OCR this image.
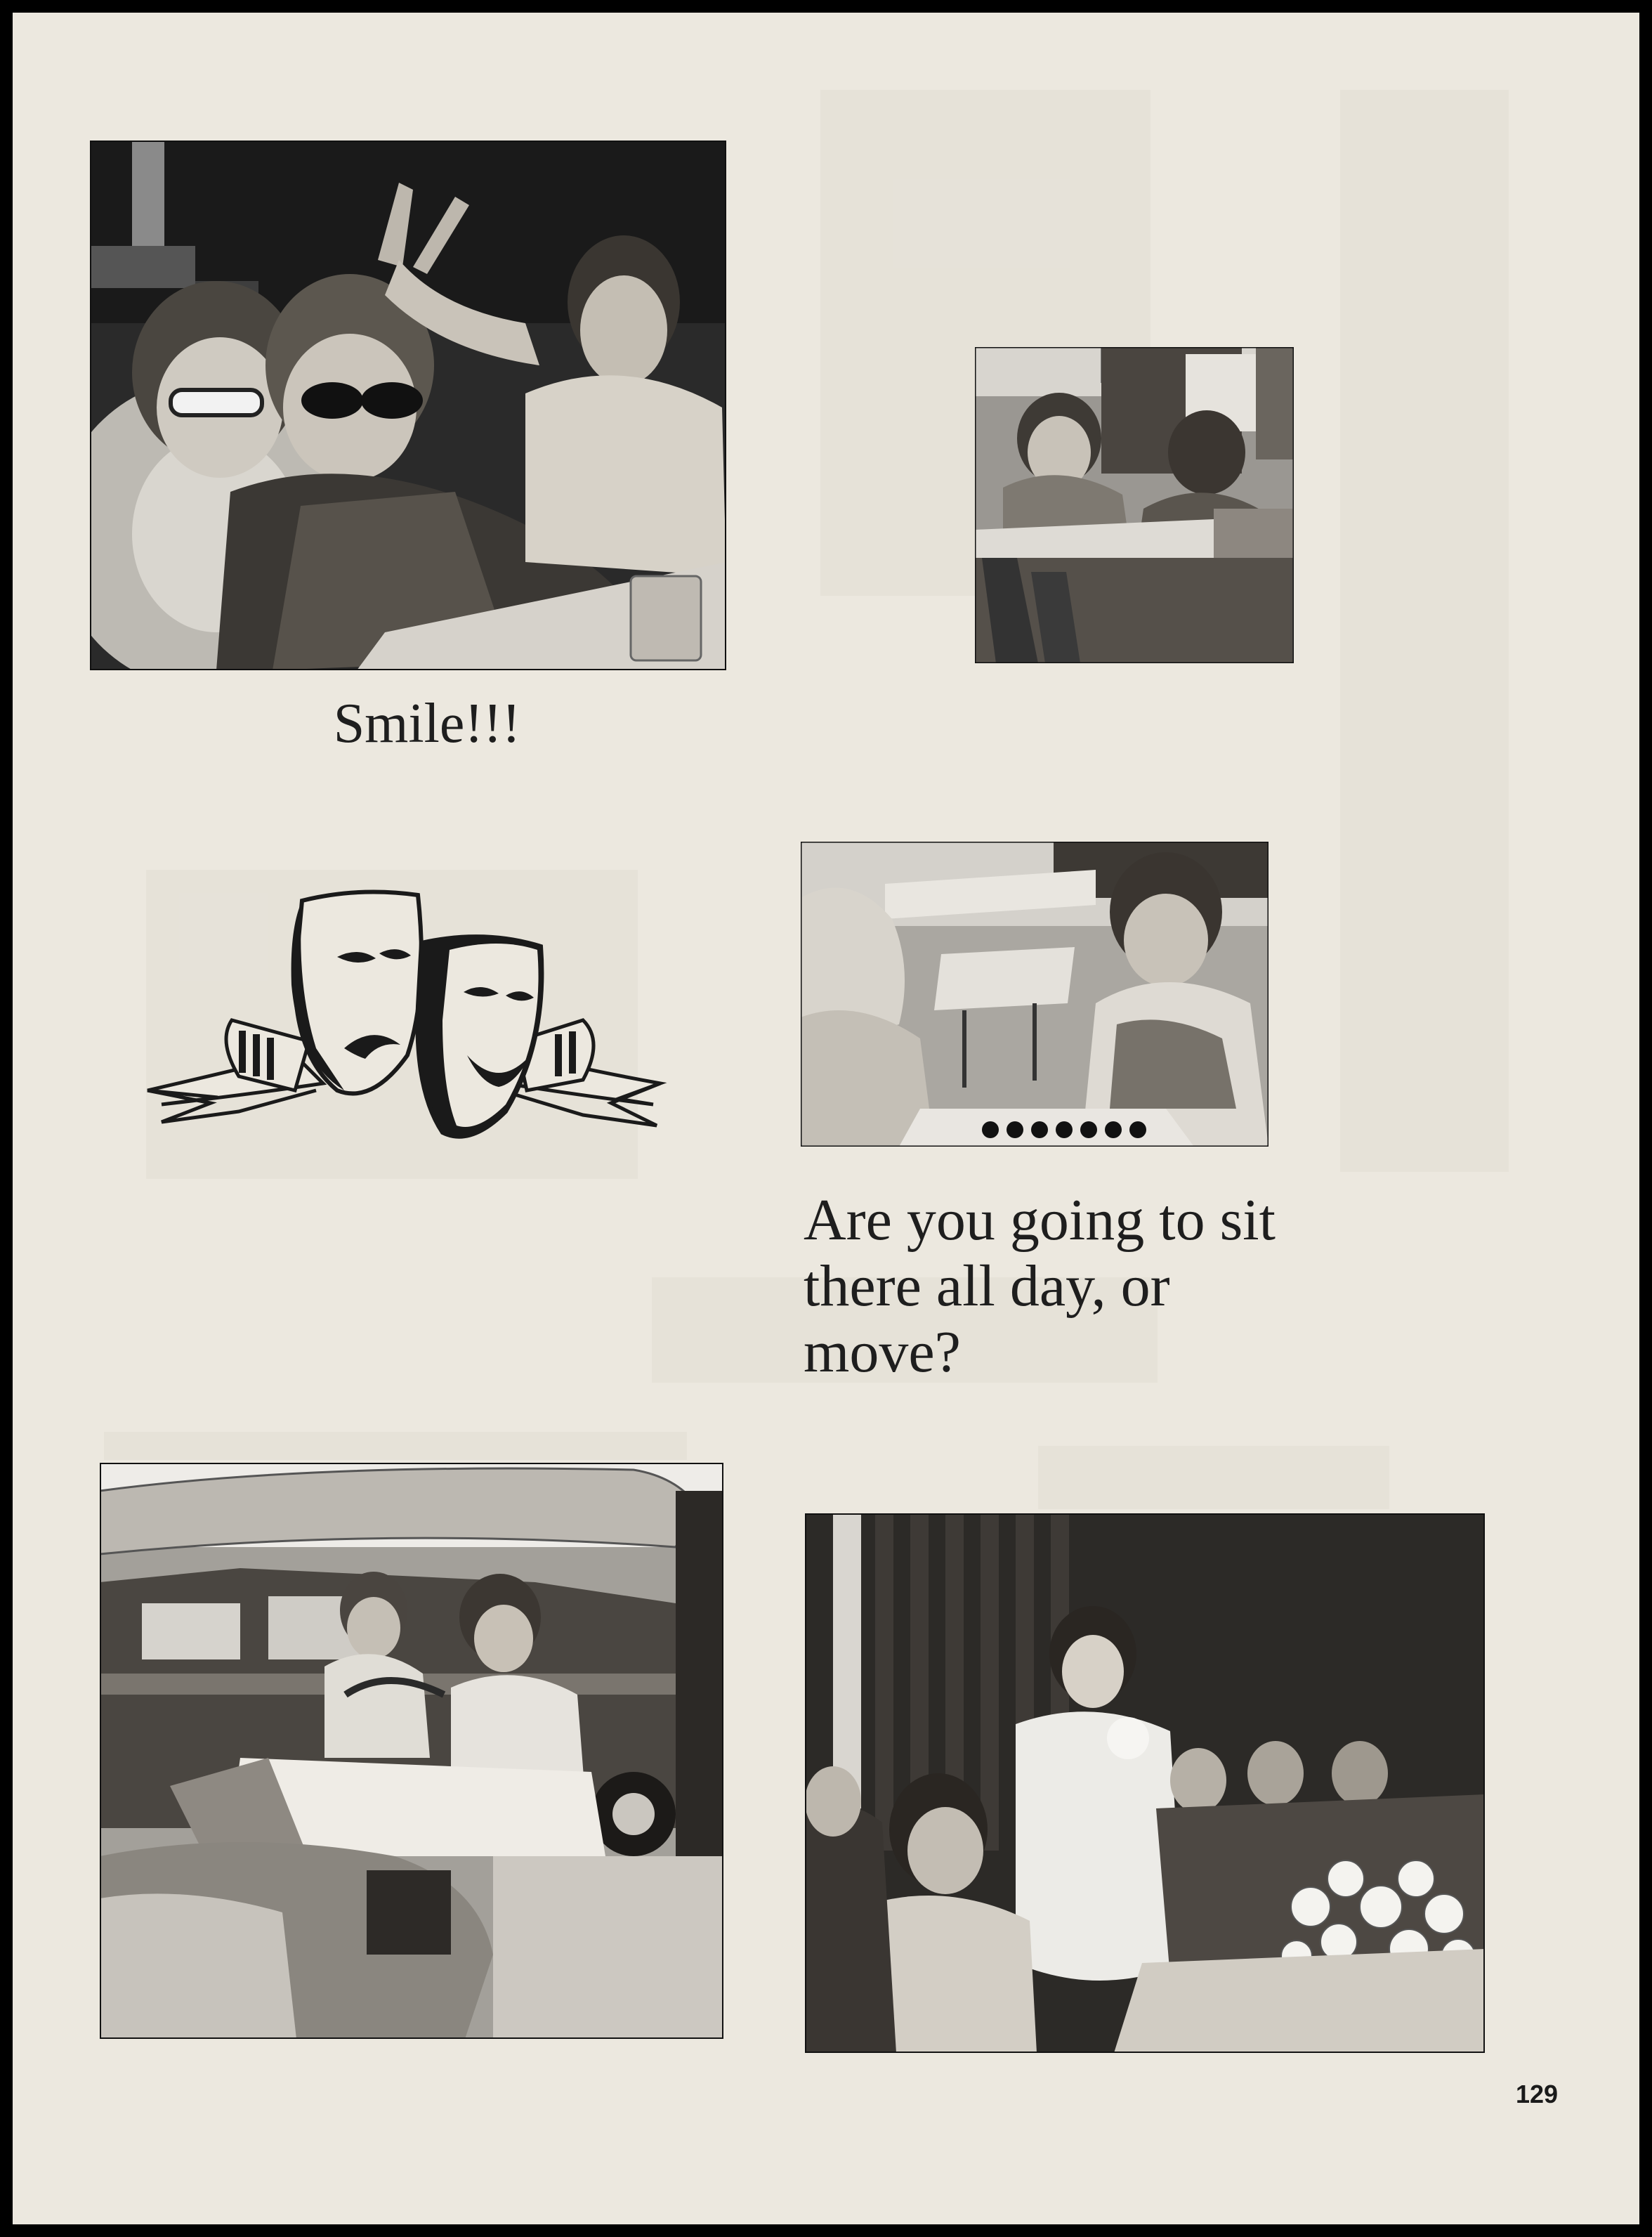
Smile!!!
Are you going to sit there all day, or move?
129
